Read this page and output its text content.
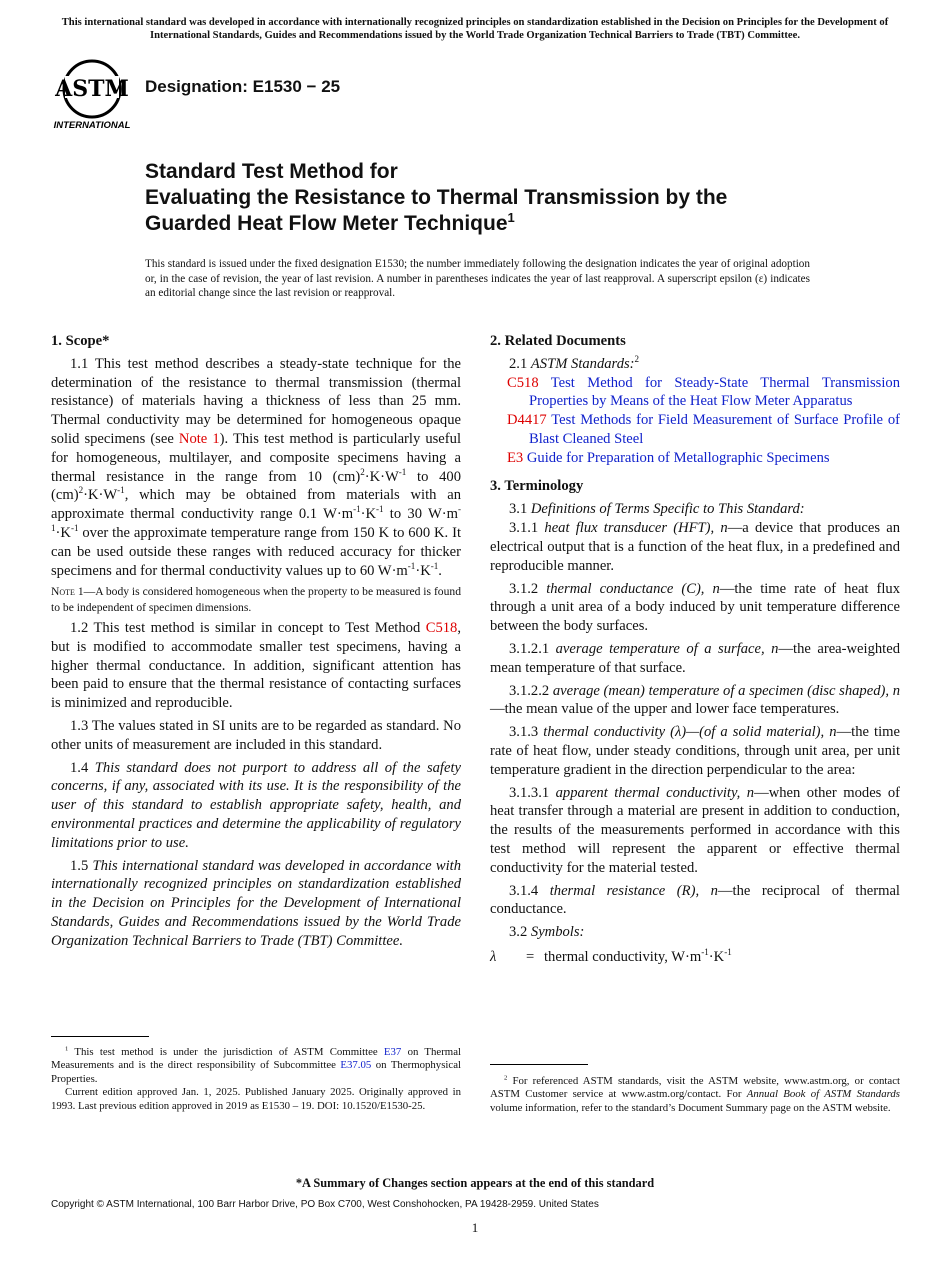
This international standard was developed in accordance with internationally recognized principles on standardization established in the Decision on Principles for the Development of International Standards, Guides and Recommendations issued by the World Trade Organization Technical Barriers to Trade (TBT) Committee.
ASTM
INTERNATIONAL
Designation: E1530 − 25
Standard Test Method for
Evaluating the Resistance to Thermal Transmission by the
Guarded Heat Flow Meter Technique$^1$
This standard is issued under the fixed designation E1530; the number immediately following the designation indicates the year of original adoption or, in the case of revision, the year of last revision. A number in parentheses indicates the year of last reapproval. A superscript epsilon (ε) indicates an editorial change since the last revision or reapproval.
1. Scope*

1.1 This test method describes a steady-state technique for the determination of the resistance to thermal transmission (thermal resistance) of materials having a thickness of less than 25 mm. Thermal conductivity may be determined for homogeneous opaque solid specimens (see Note 1). This test method is particularly useful for homogeneous, multilayer, and composite specimens having a thermal resistance in the range from 10 $(cm)^2\cdot K\cdot W^{-1}$ to 400 $(cm)^2\cdot K\cdot W^{-1}$, which may be obtained from materials with an approximate thermal conductivity range 0.1 $W\cdot m^{-1}\cdot K^{-1}$ to 30 $W\cdot m^{-1}\cdot K^{-1}$ over the approximate temperature range from 150 K to 600 K. It can be used outside these ranges with reduced accuracy for thicker specimens and for thermal conductivity values up to 60 $W\cdot m^{-1}\cdot K^{-1}$.

Note 1—A body is considered homogeneous when the property to be measured is found to be independent of specimen dimensions.

1.2 This test method is similar in concept to Test Method C518, but is modified to accommodate smaller test specimens, having a higher thermal conductance. In addition, significant attention has been paid to ensure that the thermal resistance of contacting surfaces is minimized and reproducible.

1.3 The values stated in SI units are to be regarded as standard. No other units of measurement are included in this standard.

1.4 This standard does not purport to address all of the safety concerns, if any, associated with its use. It is the responsibility of the user of this standard to establish appropriate safety, health, and environmental practices and determine the applicability of regulatory limitations prior to use.

1.5 This international standard was developed in accordance with internationally recognized principles on standardization established in the Decision on Principles for the Development of International Standards, Guides and Recommendations issued by the World Trade Organization Technical Barriers to Trade (TBT) Committee.

$^1$ This test method is under the jurisdiction of ASTM Committee E37 on Thermal Measurements and is the direct responsibility of Subcommittee E37.05 on Thermophysical Properties.

Current edition approved Jan. 1, 2025. Published January 2025. Originally approved in 1993. Last previous edition approved in 2019 as E1530 – 19. DOI: 10.1520/E1530-25.

2. Related Documents

2.1 ASTM Standards:$^2$

C518 Test Method for Steady-State Thermal Transmission Properties by Means of the Heat Flow Meter Apparatus
D4417 Test Methods for Field Measurement of Surface Profile of Blast Cleaned Steel
E3 Guide for Preparation of Metallographic Specimens
3. Terminology

3.1 Definitions of Terms Specific to This Standard:

3.1.1 heat flux transducer (HFT), n—a device that produces an electrical output that is a function of the heat flux, in a predefined and reproducible manner.

3.1.2 thermal conductance (C), n—the time rate of heat flux through a unit area of a body induced by unit temperature difference between the body surfaces.

3.1.2.1 average temperature of a surface, n—the area-weighted mean temperature of that surface.

3.1.2.2 average (mean) temperature of a specimen (disc shaped), n—the mean value of the upper and lower face temperatures.

3.1.3 thermal conductivity (λ)—(of a solid material), n—the time rate of heat flow, under steady conditions, through unit area, per unit temperature gradient in the direction perpendicular to the area:

3.1.3.1 apparent thermal conductivity, n—when other modes of heat transfer through a material are present in addition to conduction, the results of the measurements performed in accordance with this test method will represent the apparent or effective thermal conductivity for the material tested.

3.1.4 thermal resistance (R), n—the reciprocal of thermal conductance.

3.2 Symbols:

λ	= thermal conductivity, $W\cdot m^{-1}\cdot K^{-1}$

$^2$ For referenced ASTM standards, visit the ASTM website, www.astm.org, or contact ASTM Customer service at www.astm.org/contact. For Annual Book of ASTM Standards volume information, refer to the standard’s Document Summary page on the ASTM website.

*A Summary of Changes section appears at the end of this standard
Copyright © ASTM International, 100 Barr Harbor Drive, PO Box C700, West Conshohocken, PA 19428-2959. United States
1
